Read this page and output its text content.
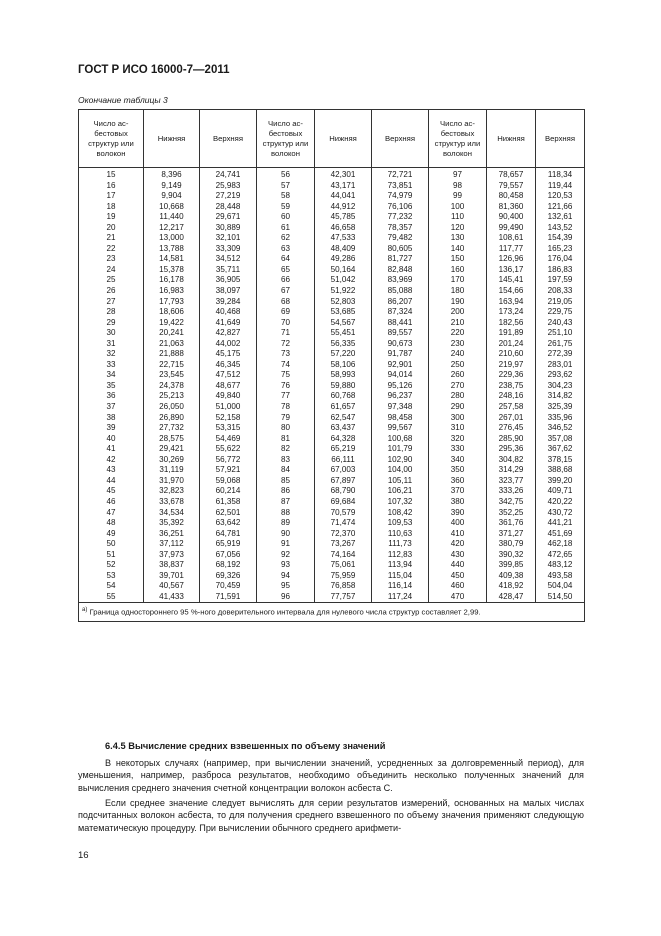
ГОСТ Р ИСО 16000-7—2011
Окончание таблицы 3
Число ас-бестовых структур или волокон	Нижняя	Верхняя	Число ас-бестовых структур или волокон	Нижняя	Верхняя	Число ас-бестовых структур или волокон	Нижняя	Верхняя
15	8,396	24,741	56	42,301	72,721	97	78,657	118,34
16	9,149	25,983	57	43,171	73,851	98	79,557	119,44
17	9,904	27,219	58	44,041	74,979	99	80,458	120,53
18	10,668	28,448	59	44,912	76,106	100	81,360	121,66
19	11,440	29,671	60	45,785	77,232	110	90,400	132,61
20	12,217	30,889	61	46,658	78,357	120	99,490	143,52
21	13,000	32,101	62	47,533	79,482	130	108,61	154,39
22	13,788	33,309	63	48,409	80,605	140	117,77	165,23
23	14,581	34,512	64	49,286	81,727	150	126,96	176,04
24	15,378	35,711	65	50,164	82,848	160	136,17	186,83
25	16,178	36,905	66	51,042	83,969	170	145,41	197,59
26	16,983	38,097	67	51,922	85,088	180	154,66	208,33
27	17,793	39,284	68	52,803	86,207	190	163,94	219,05
28	18,606	40,468	69	53,685	87,324	200	173,24	229,75
29	19,422	41,649	70	54,567	88,441	210	182,56	240,43
30	20,241	42,827	71	55,451	89,557	220	191,89	251,10
31	21,063	44,002	72	56,335	90,673	230	201,24	261,75
32	21,888	45,175	73	57,220	91,787	240	210,60	272,39
33	22,715	46,345	74	58,106	92,901	250	219,97	283,01
34	23,545	47,512	75	58,993	94,014	260	229,36	293,62
35	24,378	48,677	76	59,880	95,126	270	238,75	304,23
36	25,213	49,840	77	60,768	96,237	280	248,16	314,82
37	26,050	51,000	78	61,657	97,348	290	257,58	325,39
38	26,890	52,158	79	62,547	98,458	300	267,01	335,96
39	27,732	53,315	80	63,437	99,567	310	276,45	346,52
40	28,575	54,469	81	64,328	100,68	320	285,90	357,08
41	29,421	55,622	82	65,219	101,79	330	295,36	367,62
42	30,269	56,772	83	66,111	102,90	340	304,82	378,15
43	31,119	57,921	84	67,003	104,00	350	314,29	388,68
44	31,970	59,068	85	67,897	105,11	360	323,77	399,20
45	32,823	60,214	86	68,790	106,21	370	333,26	409,71
46	33,678	61,358	87	69,684	107,32	380	342,75	420,22
47	34,534	62,501	88	70,579	108,42	390	352,25	430,72
48	35,392	63,642	89	71,474	109,53	400	361,76	441,21
49	36,251	64,781	90	72,370	110,63	410	371,27	451,69
50	37,112	65,919	91	73,267	111,73	420	380,79	462,18
51	37,973	67,056	92	74,164	112,83	430	390,32	472,65
52	38,837	68,192	93	75,061	113,94	440	399,85	483,12
53	39,701	69,326	94	75,959	115,04	450	409,38	493,58
54	40,567	70,459	95	76,858	116,14	460	418,92	504,04
55	41,433	71,591	96	77,757	117,24	470	428,47	514,50
$^{а)}$ Граница одностороннего 95 %-ного доверительного интервала для нулевого числа структур составляет 2,99.								
6.4.5 Вычисление средних взвешенных по объему значений
В некоторых случаях (например, при вычислении значений, усредненных за долговременный период), для уменьшения, например, разброса результатов, необходимо объединить несколько полученных значений для вычисления среднего значения счетной концентрации волокон асбеста С.
Если среднее значение следует вычислять для серии результатов измерений, основанных на малых числах подсчитанных волокон асбеста, то для получения среднего взвешенного по объему значения применяют следующую математическую процедуру. При вычислении обычного среднего арифмети-
16
